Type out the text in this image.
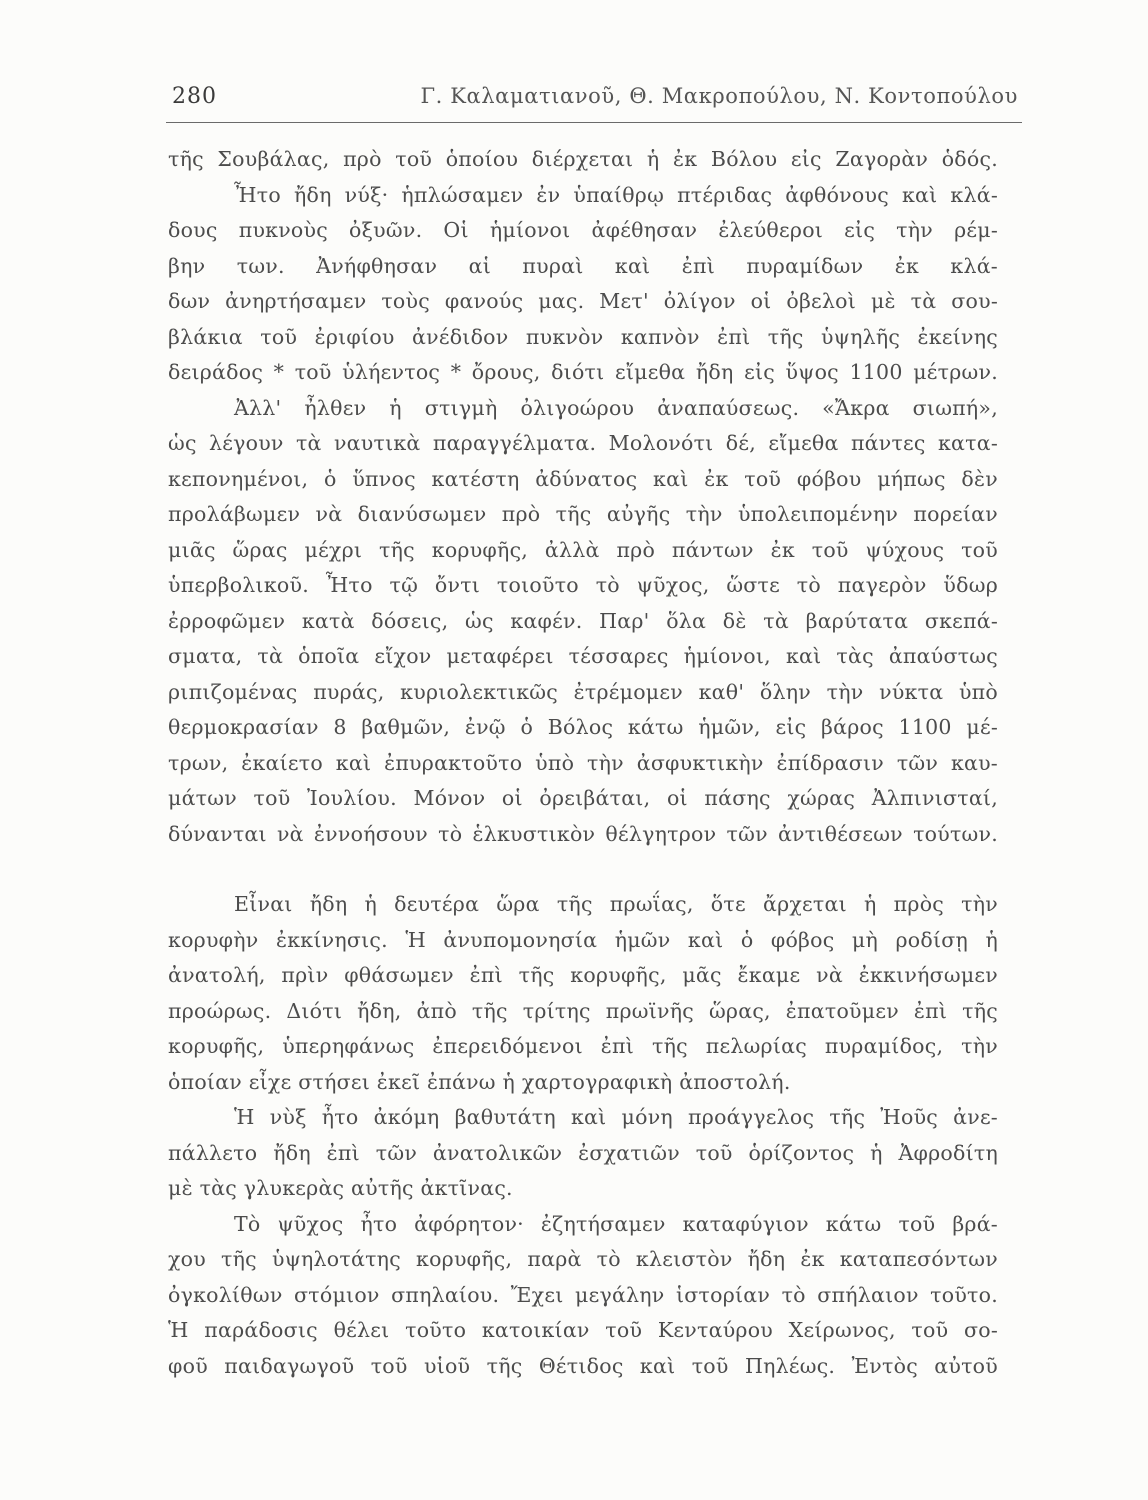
280	Γ. Καλαματιανοῦ, Θ. Μακροπούλου, Ν. Κοντοπούλου
τῆς Σουβάλας, πρὸ τοῦ ὁποίου διέρχεται ἡ ἐκ Βόλου εἰς Ζαγορὰν ὁδός.
Ἦτο ἤδη νύξ· ἡπλώσαμεν ἐν ὑπαίθρῳ πτέριδας ἀφθόνους καὶ κλά-
δους πυκνοὺς ὀξυῶν. Οἱ ἡμίονοι ἀφέθησαν ἐλεύθεροι εἰς τὴν ρέμ-
βην των. Ἀνήφθησαν αἱ πυραὶ καὶ ἐπὶ πυραμίδων ἐκ κλά-
δων ἀνηρτήσαμεν τοὺς φανούς μας. Μετ' ὀλίγον οἱ ὀβελοὶ μὲ τὰ σου-
βλάκια τοῦ ἐριφίου ἀνέδιδον πυκνὸν καπνὸν ἐπὶ τῆς ὑψηλῆς ἐκείνης
δειράδος * τοῦ ὑλήεντος * ὄρους, διότι εἴμεθα ἤδη εἰς ὕψος 1100 μέτρων.
Ἀλλ' ἦλθεν ἡ στιγμὴ ὀλιγοώρου ἀναπαύσεως. «Ἄκρα σιωπή»,
ὡς λέγουν τὰ ναυτικὰ παραγγέλματα. Μολονότι δέ, εἴμεθα πάντες κατα-
κεπονημένοι, ὁ ὕπνος κατέστη ἀδύνατος καὶ ἐκ τοῦ φόβου μήπως δὲν
προλάβωμεν νὰ διανύσωμεν πρὸ τῆς αὐγῆς τὴν ὑπολειπομένην πορείαν
μιᾶς ὥρας μέχρι τῆς κορυφῆς, ἀλλὰ πρὸ πάντων ἐκ τοῦ ψύχους τοῦ
ὑπερβολικοῦ. Ἦτο τῷ ὄντι τοιοῦτο τὸ ψῦχος, ὥστε τὸ παγερὸν ὕδωρ
ἐρροφῶμεν κατὰ δόσεις, ὡς καφέν. Παρ' ὅλα δὲ τὰ βαρύτατα σκεπά-
σματα, τὰ ὁποῖα εἴχον μεταφέρει τέσσαρες ἡμίονοι, καὶ τὰς ἀπαύστως
ριπιζομένας πυράς, κυριολεκτικῶς ἐτρέμομεν καθ' ὅλην τὴν νύκτα ὑπὸ
θερμοκρασίαν 8 βαθμῶν, ἐνῷ ὁ Βόλος κάτω ἡμῶν, εἰς βάρος 1100 μέ-
τρων, ἐκαίετο καὶ ἐπυρακτοῦτο ὑπὸ τὴν ἀσφυκτικὴν ἐπίδρασιν τῶν καυ-
μάτων τοῦ Ἰουλίου. Μόνον οἱ ὀρειβάται, οἱ πάσης χώρας Ἀλπινισταί,
δύνανται νὰ ἐννοήσουν τὸ ἑλκυστικὸν θέλγητρον τῶν ἀντιθέσεων τούτων.
Εἶναι ἤδη ἡ δευτέρα ὥρα τῆς πρωΐας, ὅτε ἄρχεται ἡ πρὸς τὴν
κορυφὴν ἐκκίνησις. Ἡ ἀνυπομονησία ἡμῶν καὶ ὁ φόβος μὴ ροδίσῃ ἡ
ἀνατολή, πρὶν φθάσωμεν ἐπὶ τῆς κορυφῆς, μᾶς ἔκαμε νὰ ἐκκινήσωμεν
προώρως. Διότι ἤδη, ἀπὸ τῆς τρίτης πρωϊνῆς ὥρας, ἐπατοῦμεν ἐπὶ τῆς
κορυφῆς, ὑπερηφάνως ἐπερειδόμενοι ἐπὶ τῆς πελωρίας πυραμίδος, τὴν
ὁποίαν εἶχε στήσει ἐκεῖ ἐπάνω ἡ χαρτογραφικὴ ἀποστολή.
Ἡ νὺξ ἦτο ἀκόμη βαθυτάτη καὶ μόνη προάγγελος τῆς Ἠοῦς ἀνε-
πάλλετο ἤδη ἐπὶ τῶν ἀνατολικῶν ἐσχατιῶν τοῦ ὁρίζοντος ἡ Ἀφροδίτη
μὲ τὰς γλυκερὰς αὐτῆς ἀκτῖνας.
Τὸ ψῦχος ἦτο ἀφόρητον· ἐζητήσαμεν καταφύγιον κάτω τοῦ βρά-
χου τῆς ὑψηλοτάτης κορυφῆς, παρὰ τὸ κλειστὸν ἤδη ἐκ καταπεσόντων
ὀγκολίθων στόμιον σπηλαίου. Ἔχει μεγάλην ἱστορίαν τὸ σπήλαιον τοῦτο.
Ἡ παράδοσις θέλει τοῦτο κατοικίαν τοῦ Κενταύρου Χείρωνος, τοῦ σο-
φοῦ παιδαγωγοῦ τοῦ υἱοῦ τῆς Θέτιδος καὶ τοῦ Πηλέως. Ἐντὸς αὐτοῦ
